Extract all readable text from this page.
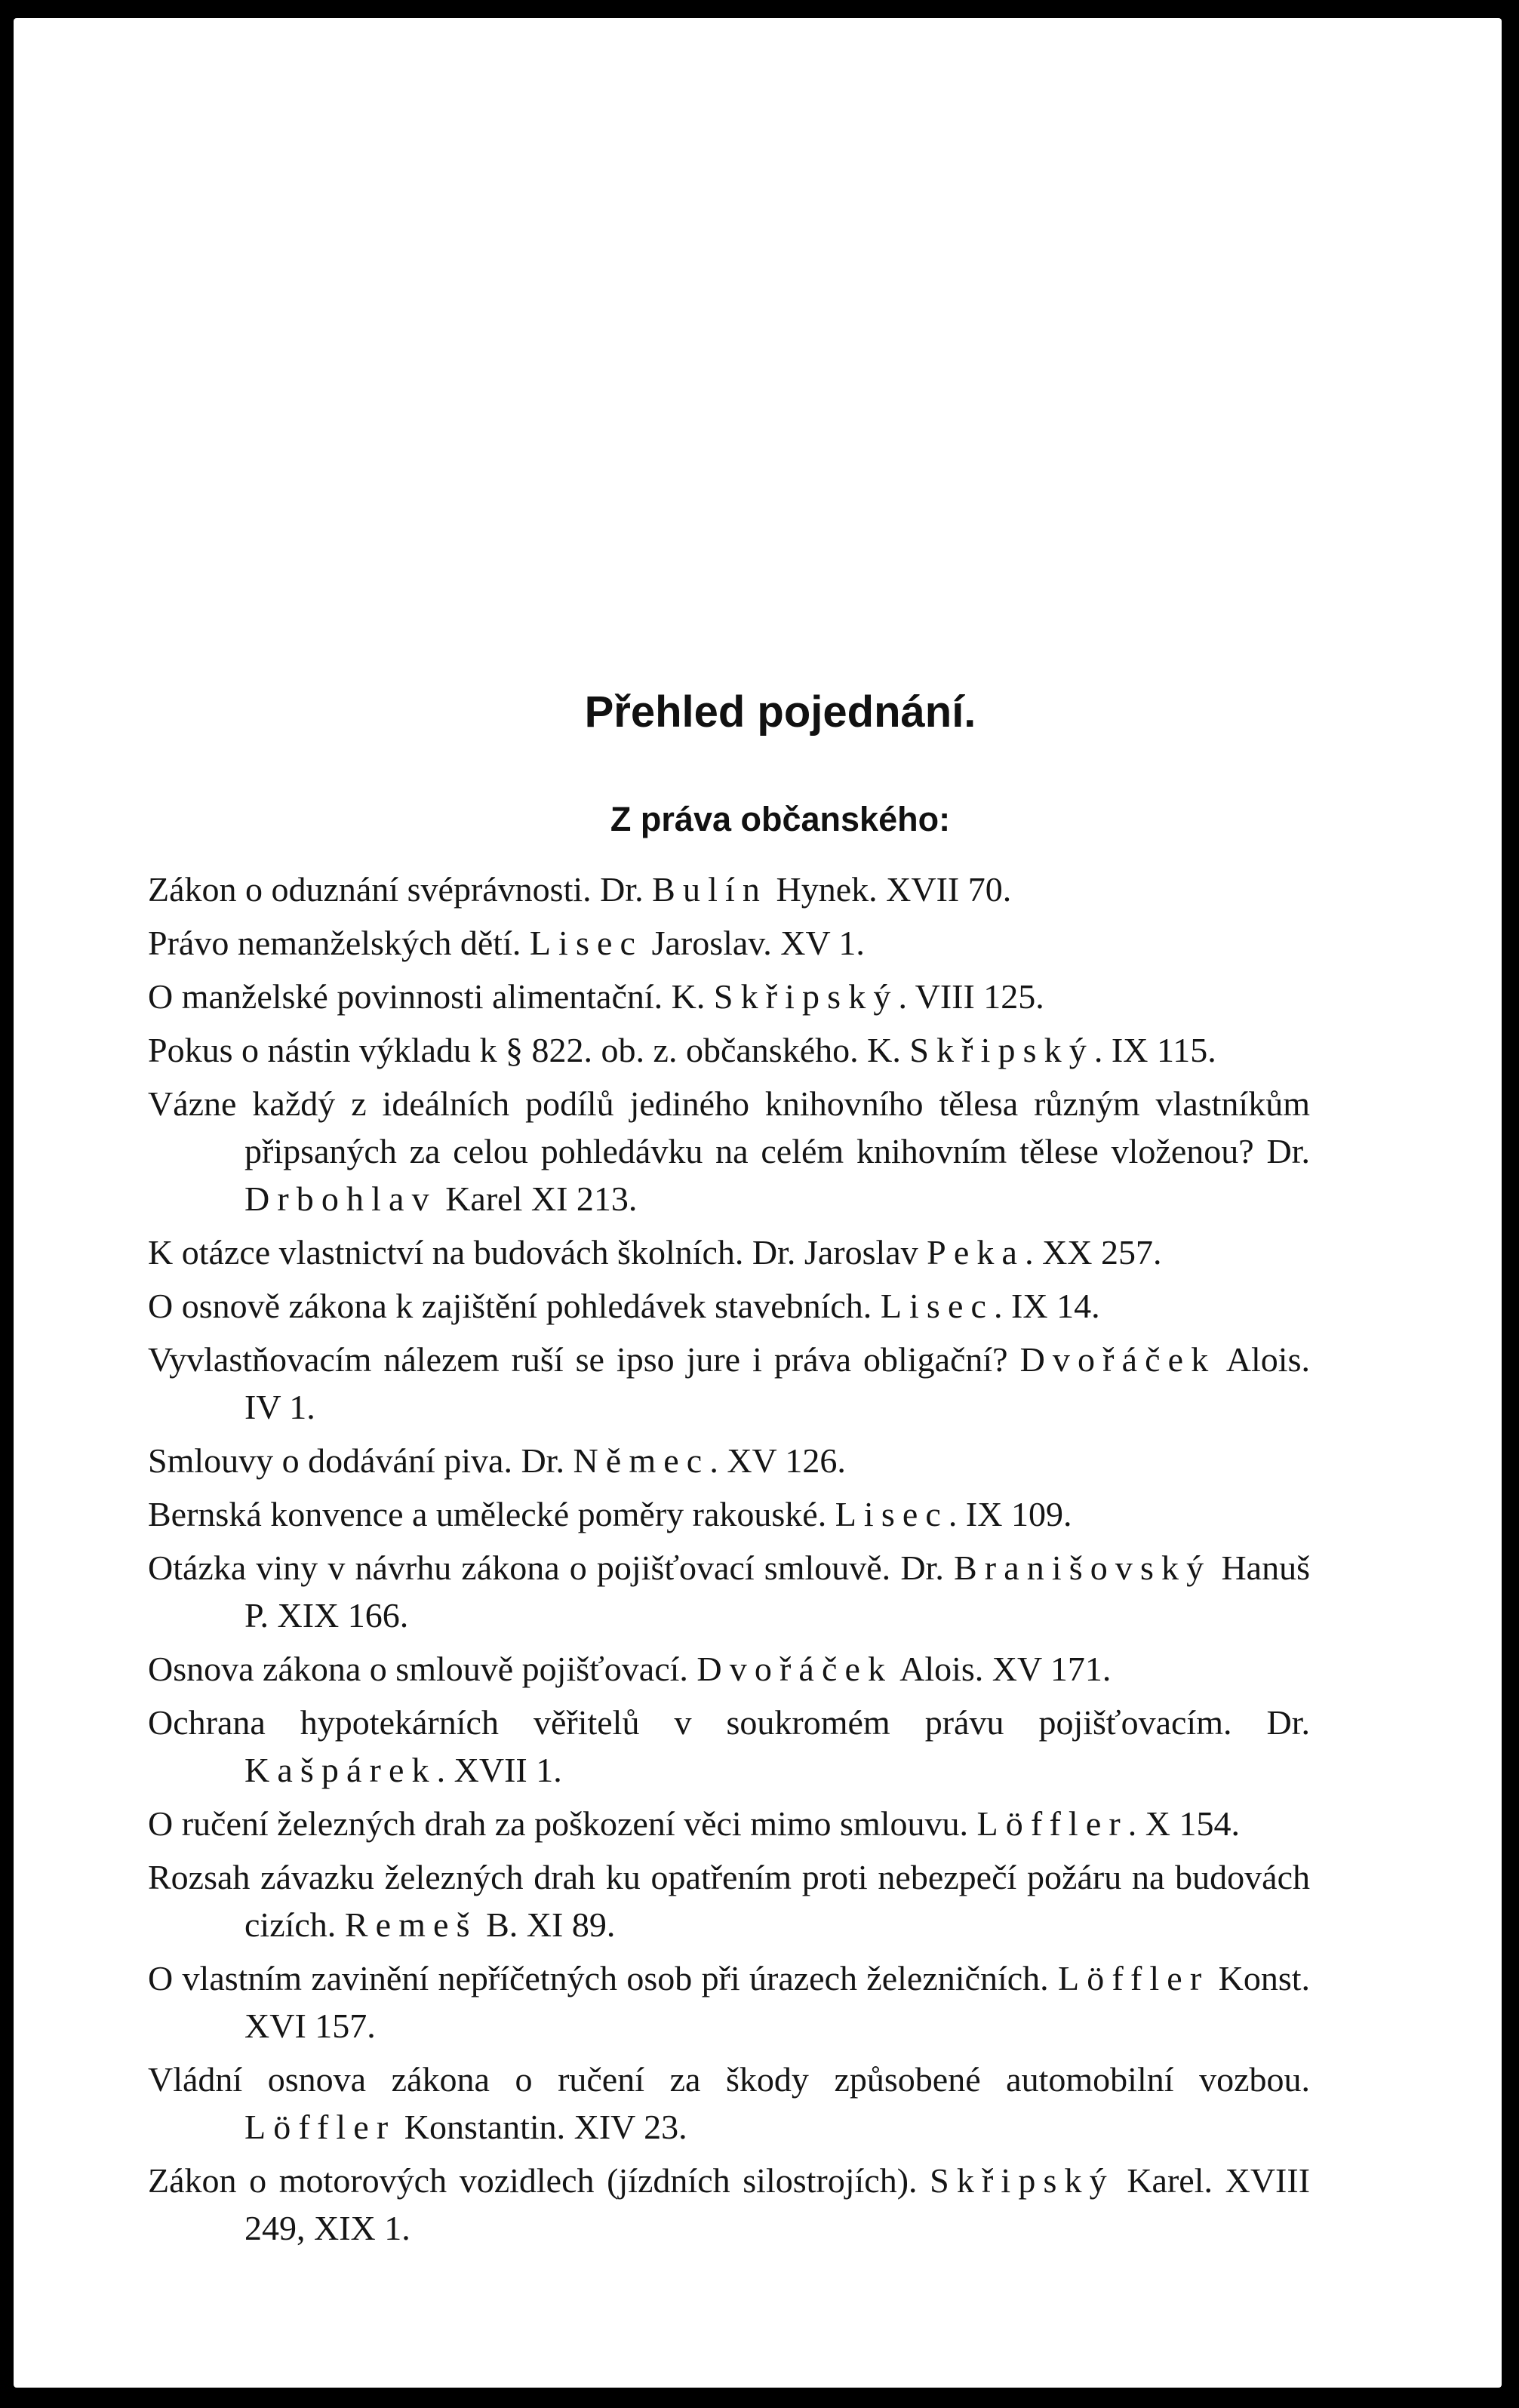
Přehled pojednání.
Z práva občanského:
Zákon o oduznání svéprávnosti. Dr. Bulín Hynek. XVII 70.
Právo nemanželských dětí. Lisec Jaroslav. XV 1.
O manželské povinnosti alimentační. K. Skřipský. VIII 125.
Pokus o nástin výkladu k § 822. ob. z. občanského. K. Skřipský. IX 115.
Vázne každý z ideálních podílů jediného knihovního tělesa různým vlastníkům připsaných za celou pohledávku na celém knihovním tělese vloženou? Dr. Drbohlav Karel XI 213.
K otázce vlastnictví na budovách školních. Dr. Jaroslav Peka. XX 257.
O osnově zákona k zajištění pohledávek stavebních. Lisec. IX 14.
Vyvlastňovacím nálezem ruší se ipso jure i práva obligační? Dvořáček Alois. IV 1.
Smlouvy o dodávání piva. Dr. Němec. XV 126.
Bernská konvence a umělecké poměry rakouské. Lisec. IX 109.
Otázka viny v návrhu zákona o pojišťovací smlouvě. Dr. Branišovský Hanuš P. XIX 166.
Osnova zákona o smlouvě pojišťovací. Dvořáček Alois. XV 171.
Ochrana hypotekárních věřitelů v soukromém právu pojišťovacím. Dr. Kašpárek. XVII 1.
O ručení železných drah za poškození věci mimo smlouvu. Löffler. X 154.
Rozsah závazku železných drah ku opatřením proti nebezpečí požáru na budovách cizích. Remeš B. XI 89.
O vlastním zavinění nepříčetných osob při úrazech železničních. Löffler Konst. XVI 157.
Vládní osnova zákona o ručení za škody způsobené automobilní vozbou. Löffler Konstantin. XIV 23.
Zákon o motorových vozidlech (jízdních silostrojích). Skřipský Karel. XVIII 249, XIX 1.
